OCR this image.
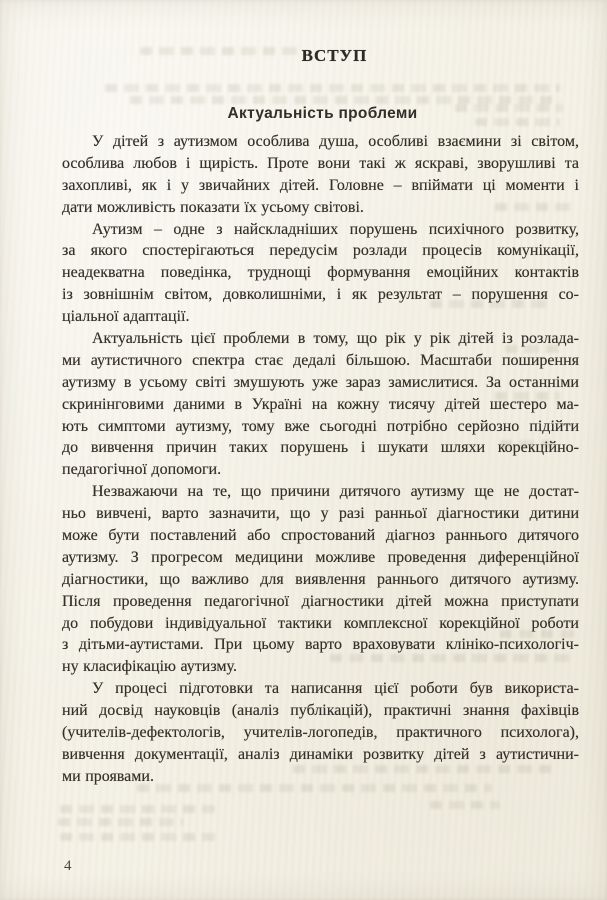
ВСТУП
Актуальність проблеми
У дітей з аутизмом особлива душа, особливі взаємини зі світом,
особлива любов і щирість. Проте вони такі ж яскраві, зворушливі та
захопливі, як і у звичайних дітей. Головне – впіймати ці моменти і
дати можливість показати їх усьому світові.
Аутизм – одне з найскладніших порушень психічного розвитку,
за якого спостерігаються передусім розлади процесів комунікації,
неадекватна поведінка, труднощі формування емоційних контактів
із зовнішнім світом, довколишніми, і як результат – порушення со-
ціальної адаптації.
Актуальність цієї проблеми в тому, що рік у рік дітей із розлада-
ми аутистичного спектра стає дедалі більшою. Масштаби поширення
аутизму в усьому світі змушують уже зараз замислитися. За останніми
скринінговими даними в Україні на кожну тисячу дітей шестеро ма-
ють симптоми аутизму, тому вже сьогодні потрібно серйозно підійти
до вивчення причин таких порушень і шукати шляхи корекційно-
педагогічної допомоги.
Незважаючи на те, що причини дитячого аутизму ще не достат-
ньо вивчені, варто зазначити, що у разі ранньої діагностики дитини
може бути поставлений або спростований діагноз раннього дитячого
аутизму. З прогресом медицини можливе проведення диференційної
діагностики, що важливо для виявлення раннього дитячого аутизму.
Після проведення педагогічної діагностики дітей можна приступати
до побудови індивідуальної тактики комплексної корекційної роботи
з дітьми-аутистами. При цьому варто враховувати клініко-психологіч-
ну класифікацію аутизму.
У процесі підготовки та написання цієї роботи був використа-
ний досвід науковців (аналіз публікацій), практичні знання фахівців
(учителів-дефектологів, учителів-логопедів, практичного психолога),
вивчення документації, аналіз динаміки розвитку дітей з аутистични-
ми проявами.
4
